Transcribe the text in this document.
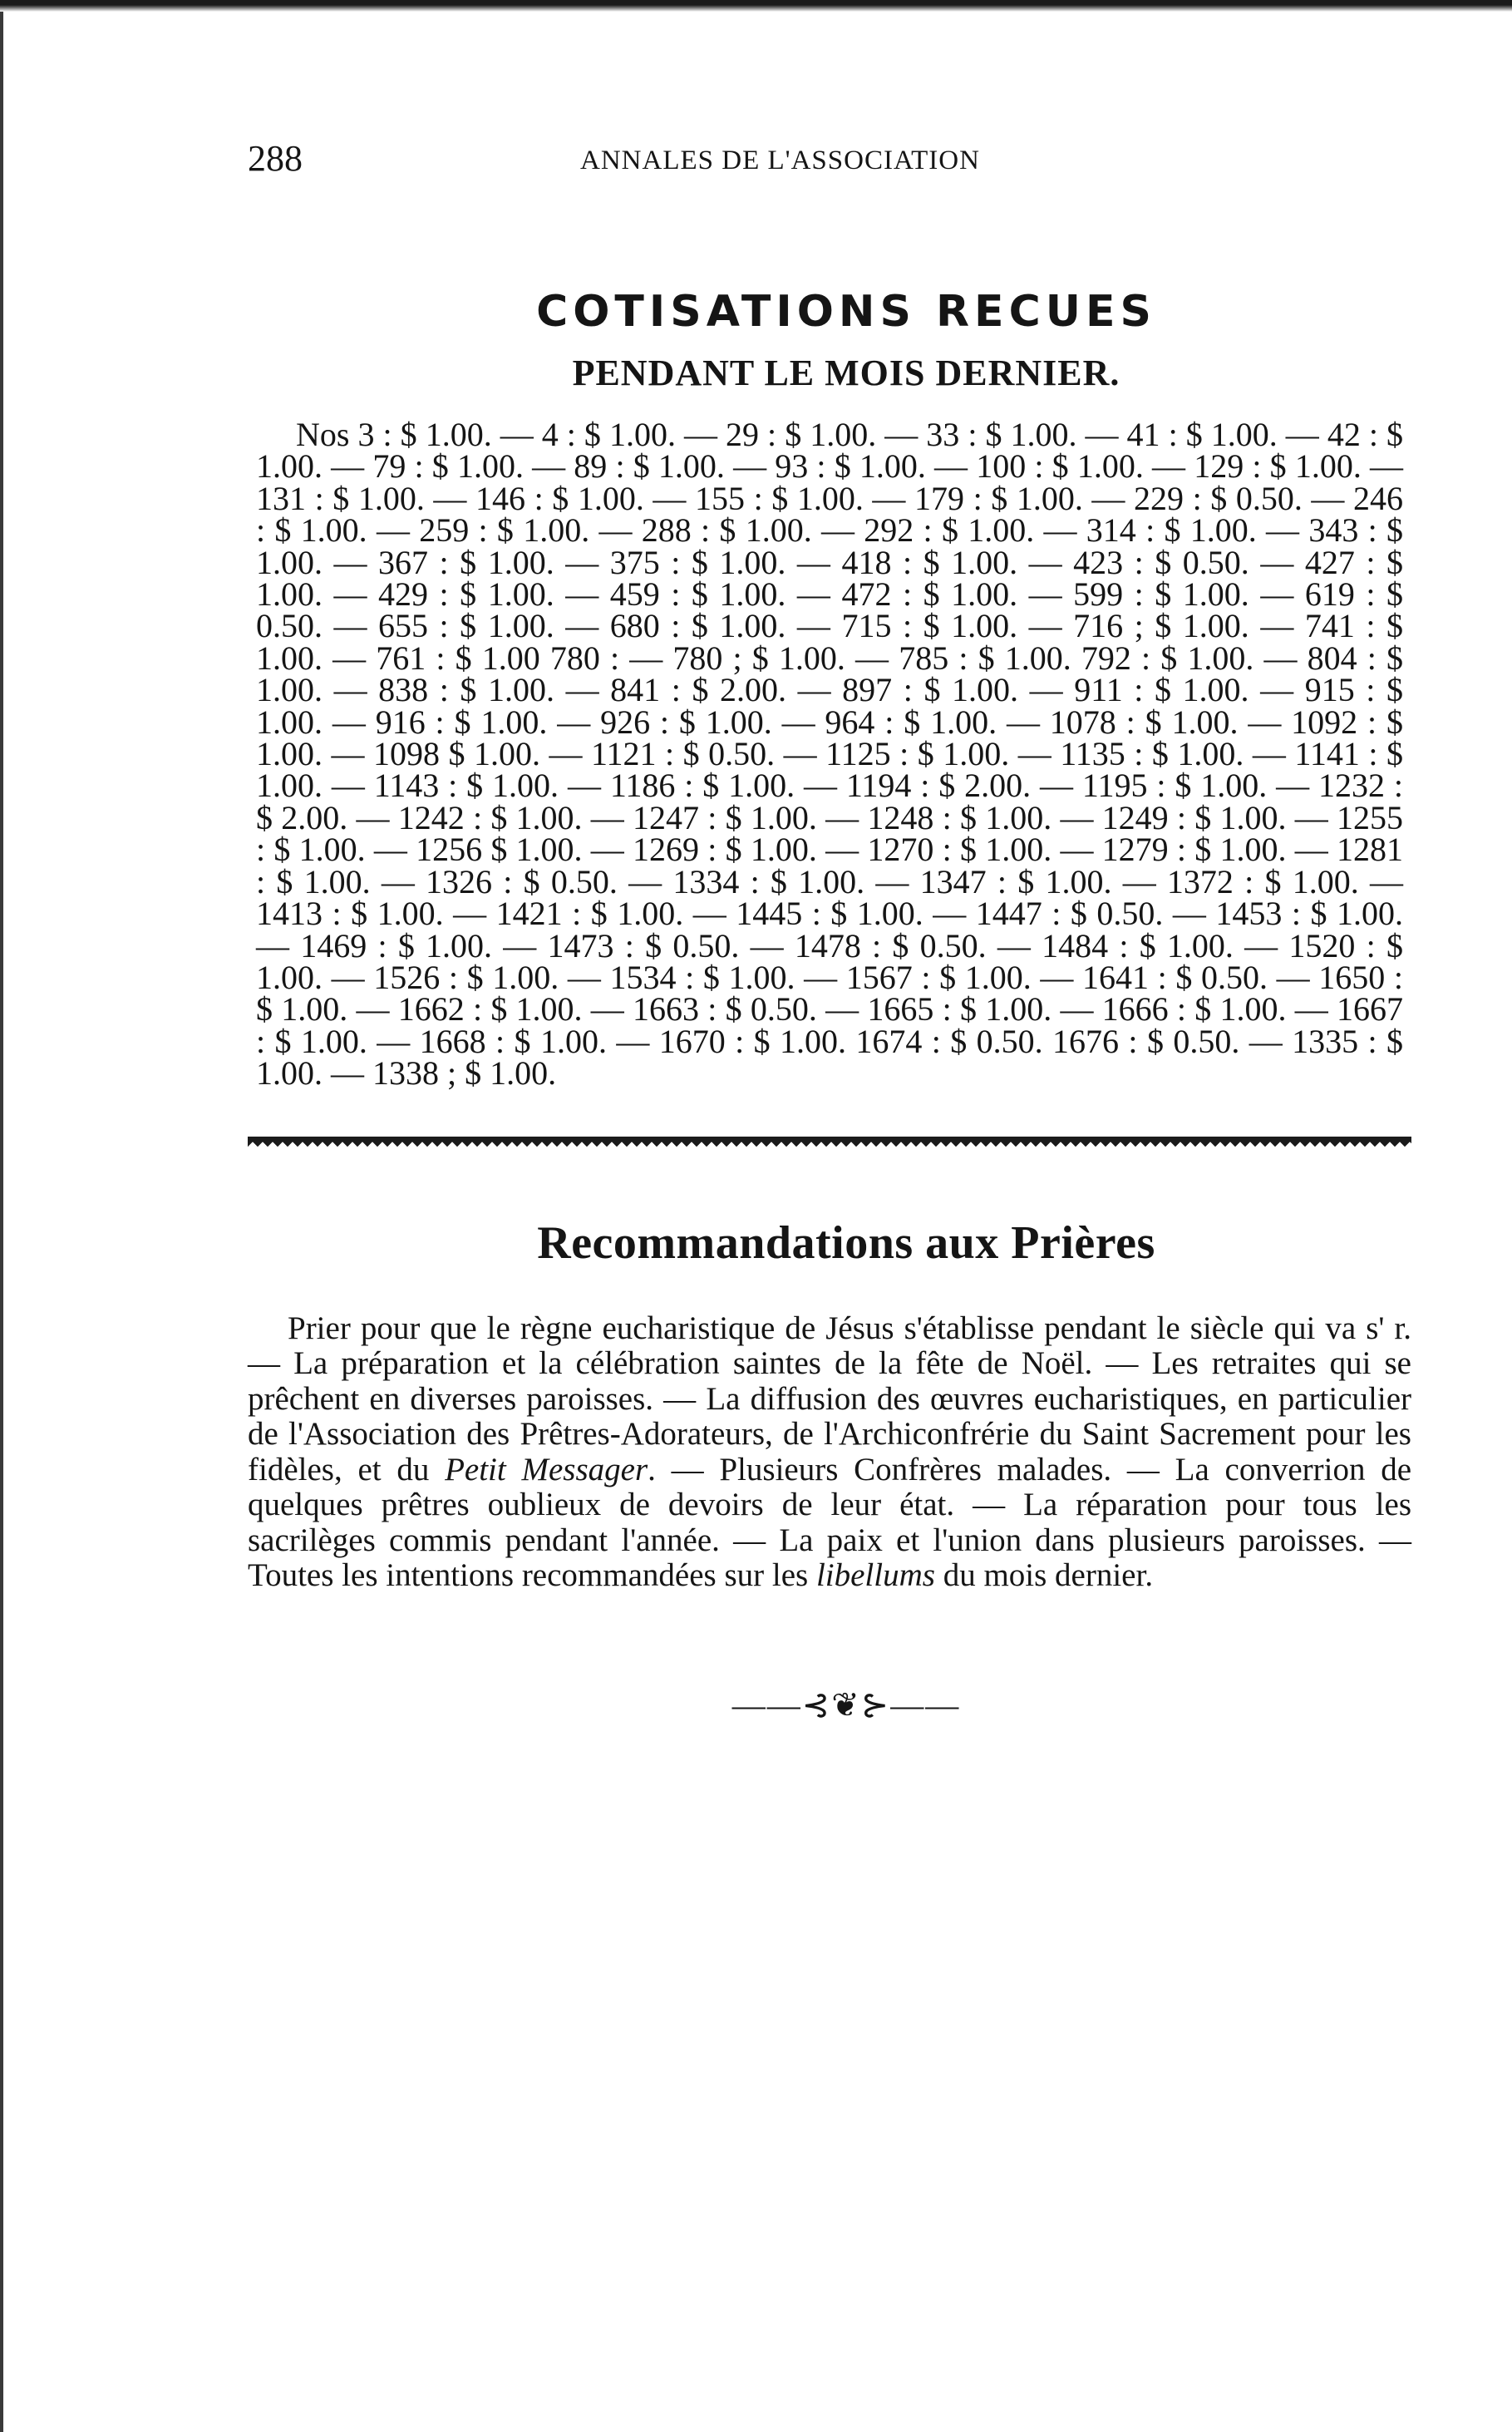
288	ANNALES DE L'ASSOCIATION
COTISATIONS RECUES
PENDANT LE MOIS DERNIER.

Nos 3 : $ 1.00. — 4 : $ 1.00. — 29 : $ 1.00. — 33 : $ 1.00. — 41 : $ 1.00. — 42 : $ 1.00. — 79 : $ 1.00. — 89 : $ 1.00. — 93 : $ 1.00. — 100 : $ 1.00. — 129 : $ 1.00. — 131 : $ 1.00. — 146 : $ 1.00. — 155 : $ 1.00. — 179 : $ 1.00. — 229 : $ 0.50. — 246 : $ 1.00. — 259 : $ 1.00. — 288 : $ 1.00. — 292 : $ 1.00. — 314 : $ 1.00. — 343 : $ 1.00. — 367 : $ 1.00. — 375 : $ 1.00. — 418 : $ 1.00. — 423 : $ 0.50. — 427 : $ 1.00. — 429 : $ 1.00. — 459 : $ 1.00. — 472 : $ 1.00. — 599 : $ 1.00. — 619 : $ 0.50. — 655 : $ 1.00. — 680 : $ 1.00. — 715 : $ 1.00. — 716 ; $ 1.00. — 741 : $ 1.00. — 761 : $ 1.00 780 : — 780 ; $ 1.00. — 785 : $ 1.00. 792 : $ 1.00. — 804 : $ 1.00. — 838 : $ 1.00. — 841 : $ 2.00. — 897 : $ 1.00. — 911 : $ 1.00. — 915 : $ 1.00. — 916 : $ 1.00. — 926 : $ 1.00. — 964 : $ 1.00. — 1078 : $ 1.00. — 1092 : $ 1.00. — 1098 $ 1.00. — 1121 : $ 0.50. — 1125 : $ 1.00. — 1135 : $ 1.00. — 1141 : $ 1.00. — 1143 : $ 1.00. — 1186 : $ 1.00. — 1194 : $ 2.00. — 1195 : $ 1.00. — 1232 : $ 2.00. — 1242 : $ 1.00. — 1247 : $ 1.00. — 1248 : $ 1.00. — 1249 : $ 1.00. — 1255 : $ 1.00. — 1256 $ 1.00. — 1269 : $ 1.00. — 1270 : $ 1.00. — 1279 : $ 1.00. — 1281 : $ 1.00. — 1326 : $ 0.50. — 1334 : $ 1.00. — 1347 : $ 1.00. — 1372 : $ 1.00. — 1413 : $ 1.00. — 1421 : $ 1.00. — 1445 : $ 1.00. — 1447 : $ 0.50. — 1453 : $ 1.00. — 1469 : $ 1.00. — 1473 : $ 0.50. — 1478 : $ 0.50. — 1484 : $ 1.00. — 1520 : $ 1.00. — 1526 : $ 1.00. — 1534 : $ 1.00. — 1567 : $ 1.00. — 1641 : $ 0.50. — 1650 : $ 1.00. — 1662 : $ 1.00. — 1663 : $ 0.50. — 1665 : $ 1.00. — 1666 : $ 1.00. — 1667 : $ 1.00. — 1668 : $ 1.00. — 1670 : $ 1.00. 1674 : $ 0.50. 1676 : $ 0.50. — 1335 : $ 1.00. — 1338 ; $ 1.00.

Recommandations aux Prières

Prier pour que le règne eucharistique de Jésus s'établisse pendant le siècle qui va s' r. — La préparation et la célébration saintes de la fête de Noël. — Les retraites qui se prêchent en diverses paroisses. — La diffusion des œuvres eucharistiques, en particulier de l'Association des Prêtres-Adorateurs, de l'Archiconfrérie du Saint Sacrement pour les fidèles, et du Petit Messager. — Plusieurs Confrères malades. — La converrion de quelques prêtres oublieux de devoirs de leur état. — La réparation pour tous les sacrilèges commis pendant l'année. — La paix et l'union dans plusieurs paroisses. — Toutes les intentions recommandées sur les libellums du mois dernier.

——⊰❦⊱——
